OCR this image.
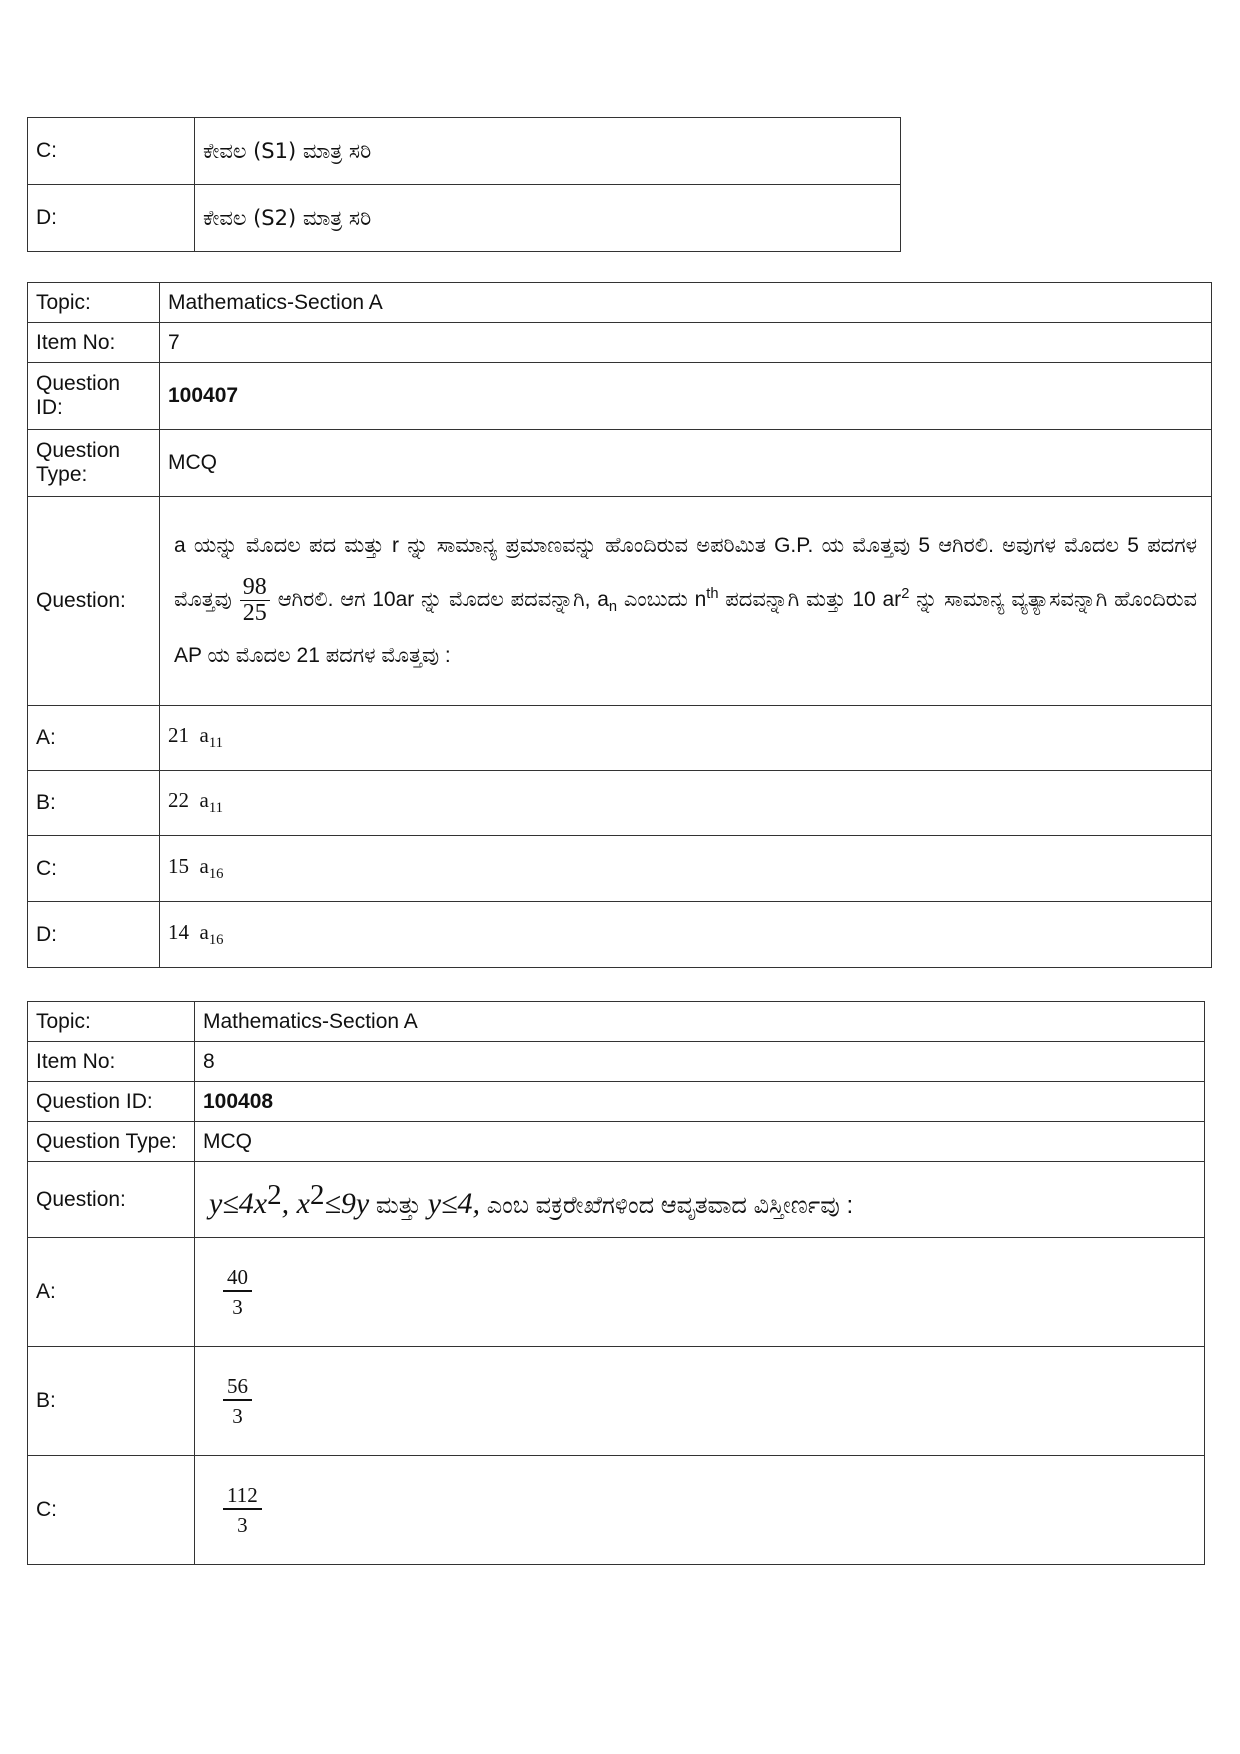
C:	ಕೇವಲ (S1) ಮಾತ್ರ ಸರಿ
D:	ಕೇವಲ (S2) ಮಾತ್ರ ಸರಿ
Topic:	Mathematics-Section A
Item No:	7
Question ID:	100407
Question Type:	MCQ
Question:	a ಯನ್ನು ಮೊದಲ ಪದ ಮತ್ತು r ನ್ನು ಸಾಮಾನ್ಯ ಪ್ರಮಾಣವನ್ನು ಹೊಂದಿರುವ ಅಪರಿಮಿತ G.P. ಯ ಮೊತ್ತವು 5 ಆಗಿರಲಿ. ಅವುಗಳ ಮೊದಲ 5 ಪದಗಳ ಮೊತ್ತವು $\frac{98}{25}$ ಆಗಿರಲಿ. ಆಗ 10ar ನ್ನು ಮೊದಲ ಪದವನ್ನಾಗಿ, $a_n$ ಎಂಬುದು $n^{th}$ ಪದವನ್ನಾಗಿ ಮತ್ತು 10 $ar^2$ ನ್ನು ಸಾಮಾನ್ಯ ವ್ಯತ್ಯಾಸವನ್ನಾಗಿ ಹೊಂದಿರುವ AP ಯ ಮೊದಲ 21 ಪದಗಳ ಮೊತ್ತವು :
A:	21 $a_{11}$
B:	22 $a_{11}$
C:	15 $a_{16}$
D:	14 $a_{16}$
Topic:	Mathematics-Section A
Item No:	8
Question ID:	100408
Question Type:	MCQ
Question:	$y\le 4x^2$, $x^2\le 9y$ ಮತ್ತು y≤4, ಎಂಬ ವಕ್ರರೇಖೆಗಳಿಂದ ಆವೃತವಾದ ವಿಸ್ತೀರ್ಣವು :
A:	$\frac{40}{3}$

B:	$\frac{56}{3}$

C:	$\frac{112}{3}$
